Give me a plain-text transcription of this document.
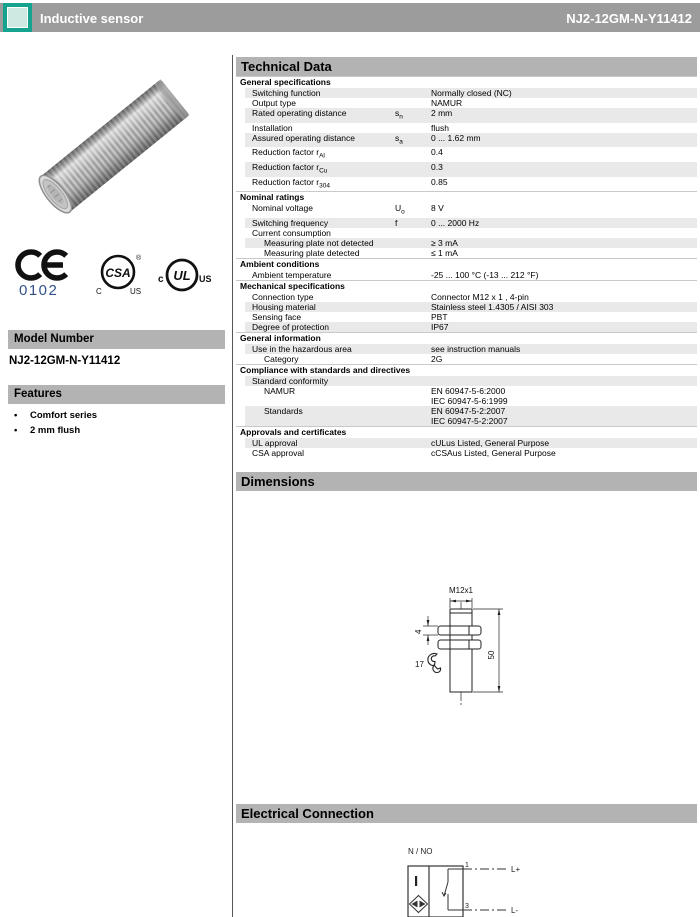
Inductive sensor	NJ2-12GM-N-Y11412
0102
CSA
®
C	US
c UL US
Model Number
NJ2-12GM-N-Y11412
Features
• Comfort series
• 2 mm flush
Technical Data
General specifications
Switching function	Normally closed (NC)
Output type	NAMUR
Rated operating distance	$s_n$	2 mm
Installation	flush
Assured operating distance	$s_a$	0 ... 1.62 mm
Reduction factor $r_{Al}$	0.4
Reduction factor $r_{Cu}$	0.3
Reduction factor $r_{304}$	0.85
Nominal ratings
Nominal voltage	$U_o$	8 V
Switching frequency	f	0 ... 2000 Hz
Current consumption
Measuring plate not detected	≥ 3 mA
Measuring plate detected	≤ 1 mA
Ambient conditions
Ambient temperature	-25 ... 100 °C (-13 ... 212 °F)
Mechanical specifications
Connection type	Connector M12 x 1 , 4-pin
Housing material	Stainless steel 1.4305 / AISI 303
Sensing face	PBT
Degree of protection	IP67
General information
Use in the hazardous area	see instruction manuals
Category	2G
Compliance with standards and directives
Standard conformity
NAMUR	EN 60947-5-6:2000
IEC 60947-5-6:1999
Standards	EN 60947-5-2:2007
IEC 60947-5-2:2007
Approvals and certificates
UL approval	cULus Listed, General Purpose
CSA approval	cCSAus Listed, General Purpose
Dimensions
M12x1
4
50
17
Electrical Connection
N / NO
I
1
3
L+
L-
